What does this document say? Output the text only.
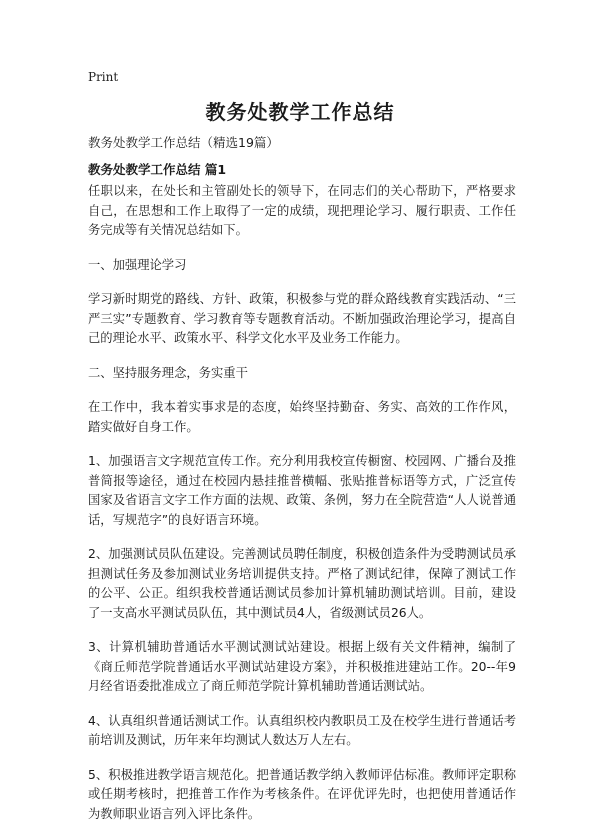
Print
教务处教学工作总结

教务处教学工作总结（精选19篇）

教务处教学工作总结 篇1

任职以来，在处长和主管副处长的领导下，在同志们的关心帮助下，严格要求自己，在思想和工作上取得了一定的成绩，现把理论学习、履行职责、工作任务完成等有关情况总结如下。

一、加强理论学习

学习新时期党的路线、方针、政策，积极参与党的群众路线教育实践活动、“三严三实”专题教育、学习教育等专题教育活动。不断加强政治理论学习，提高自己的理论水平、政策水平、科学文化水平及业务工作能力。

二、坚持服务理念，务实重干

在工作中，我本着实事求是的态度，始终坚持勤奋、务实、高效的工作作风，踏实做好自身工作。

1、加强语言文字规范宣传工作。充分利用我校宣传橱窗、校园网、广播台及推普简报等途径，通过在校园内悬挂推普横幅、张贴推普标语等方式，广泛宣传国家及省语言文字工作方面的法规、政策、条例，努力在全院营造“人人说普通话，写规范字”的良好语言环境。

2、加强测试员队伍建设。完善测试员聘任制度，积极创造条件为受聘测试员承担测试任务及参加测试业务培训提供支持。严格了测试纪律，保障了测试工作的公平、公正。组织我校普通话测试员参加计算机辅助测试培训。目前，建设了一支高水平测试员队伍，其中测试员4人，省级测试员26人。

3、计算机辅助普通话水平测试测试站建设。根据上级有关文件精神，编制了《商丘师范学院普通话水平测试站建设方案》，并积极推进建站工作。20--年9月经省语委批准成立了商丘师范学院计算机辅助普通话测试站。

4、认真组织普通话测试工作。认真组织校内教职员工及在校学生进行普通话考前培训及测试，历年来年均测试人数达万人左右。

5、积极推进教学语言规范化。把普通话教学纳入教师评估标准。教师评定职称或任期考核时，把推普工作作为考核条件。在评优评先时，也把使用普通话作为教师职业语言列入评比条件。
